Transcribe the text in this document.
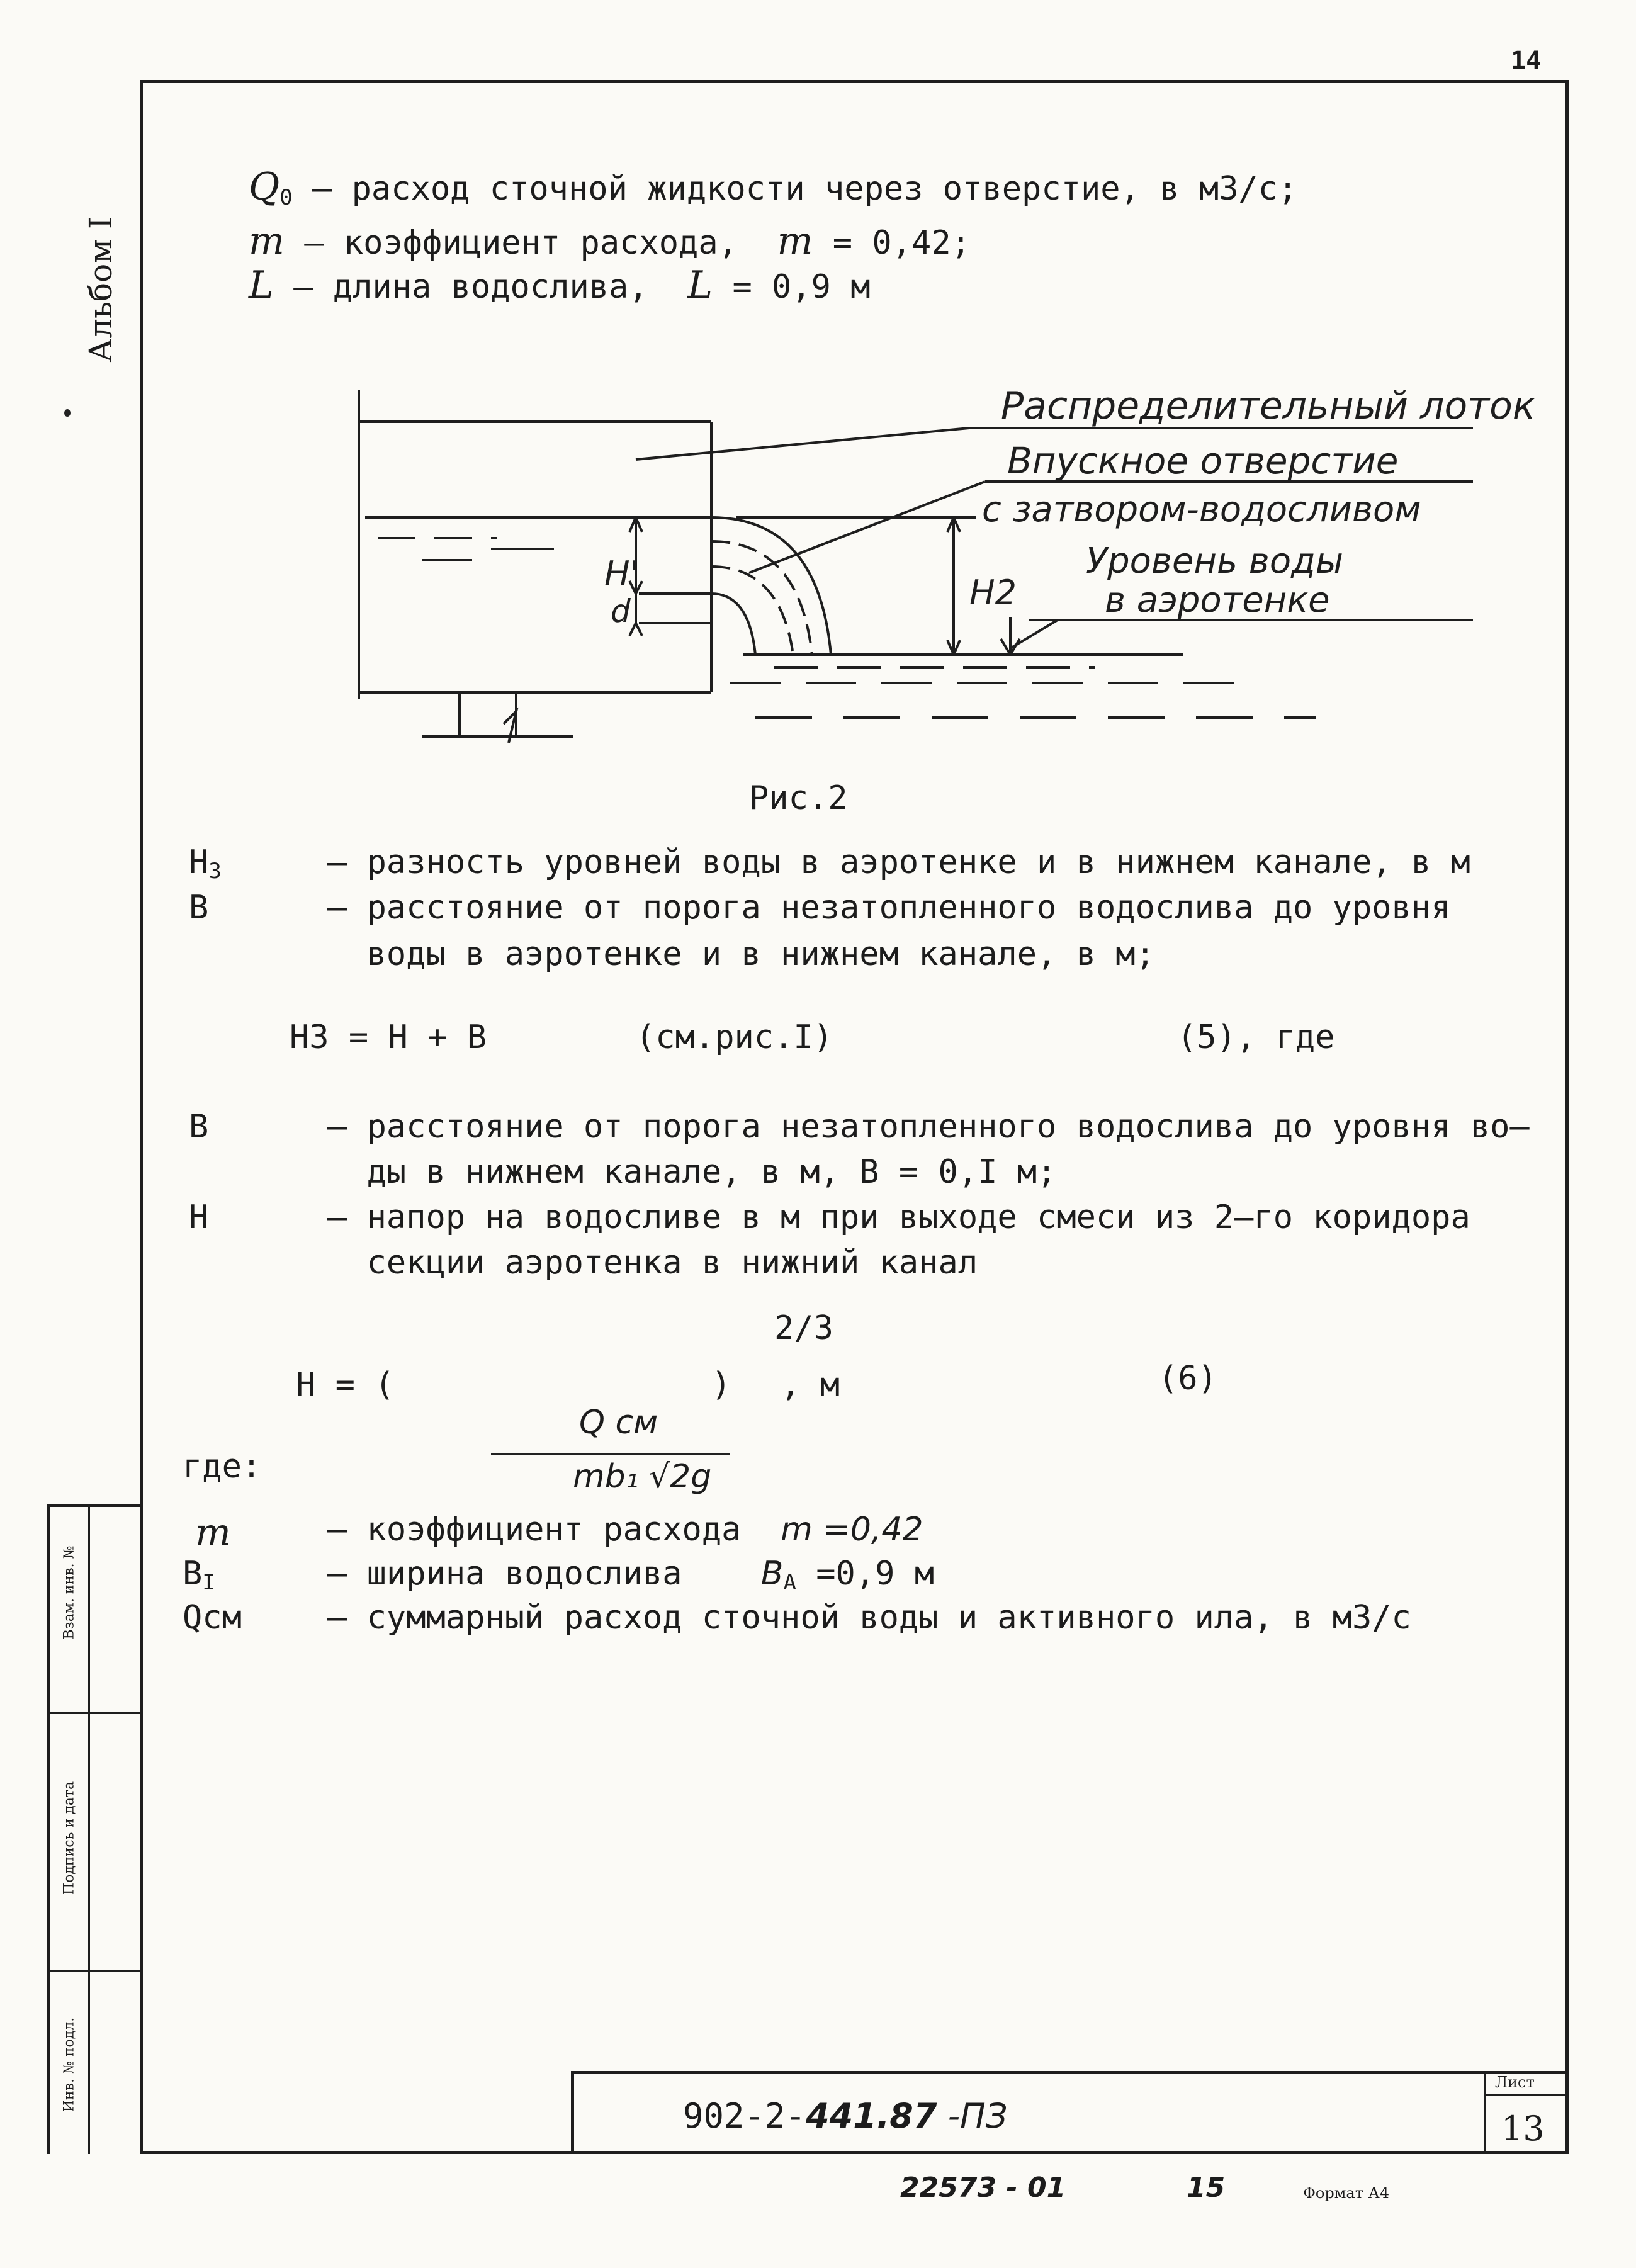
14
Альбом I
$Q_0$ – расход сточной жидкости через отверстие, в м3/с;
m – коэффициент расхода,  m = 0,42;
L – длина водослива,  L = 0,9 м
Распределительный лоток
Впускное отверстие
с затвором-водосливом
Уровень воды
в аэротенке
H'	H2
d
Рис.2
$H_3$	– разность уровней воды в аэротенке и в нижнем канале, в м
В	– расстояние от порога незатопленного водослива до уровня
воды в аэротенке и в нижнем канале, в м;
НЗ = Н + В	(см.рис.I)	(5), где
В	– расстояние от порога незатопленного водослива до уровня во–
ды в нижнем канале, в м, В = 0,I м;
Н	– напор на водосливе в м при выходе смеси из 2–го коридора
секции аэротенка в нижний канал
2/3
Н = (
Q см
mb₁ √2g
) , м	(6)
где:
m	– коэффициент расхода  m =0,42
$В_I$	– ширина водослива    $В_A =0,9$ м
Qсм	– суммарный расход сточной воды и активного ила, в м3/с
Взам. инв. №
Подпись и дата
Инв. № подл.
902-2-441.87 -ПЗ
Лист
13
22573 - 01	15	Формат А4
